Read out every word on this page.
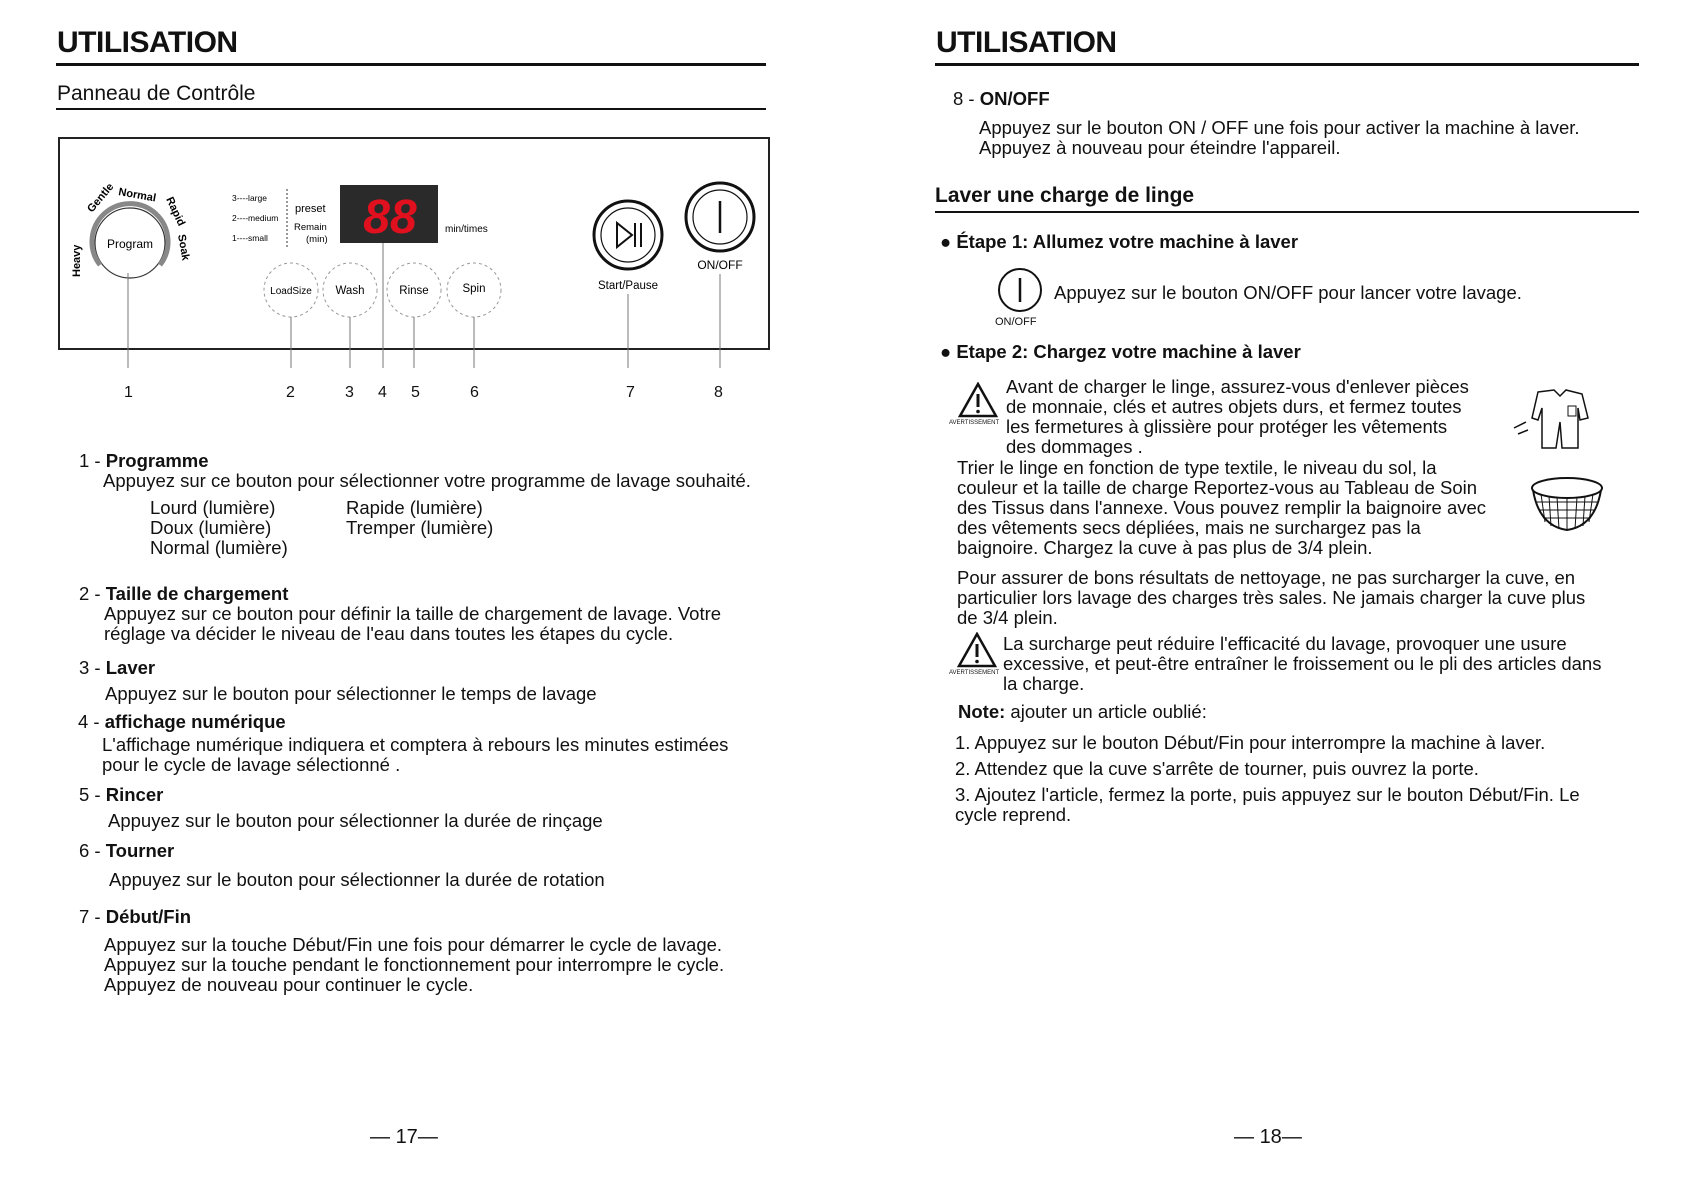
UTILISATION
Panneau de Contrôle
Program
Gentle Normal Rapid
Soak
Heavy
3----large
2----medium
1----small
preset
Remain
(min) 88	min/times
LoadSize Wash	Rinse	Spin	Start/Pause
ON/OFF
1	2	3 4 5	6	7	8
1 - Programme
Appuyez sur ce bouton pour sélectionner votre programme de lavage souhaité.
Lourd (lumière)
Doux (lumière)
Normal (lumière)
Rapide (lumière)
Tremper (lumière)
2 - Taille de chargement
Appuyez sur ce bouton pour définir la taille de chargement de lavage. Votre
réglage va décider le niveau de l'eau dans toutes les étapes du cycle.
3 - Laver
Appuyez sur le bouton pour sélectionner le temps de lavage
4 - affichage numérique
L'affichage numérique indiquera et comptera à rebours les minutes estimées
pour le cycle de lavage sélectionné .
5 - Rincer
Appuyez sur le bouton pour sélectionner la durée de rinçage
6 - Tourner
Appuyez sur le bouton pour sélectionner la durée de rotation
7 - Début/Fin
Appuyez sur la touche Début/Fin une fois pour démarrer le cycle de lavage.
Appuyez sur la touche pendant le fonctionnement pour interrompre le cycle.
Appuyez de nouveau pour continuer le cycle.
— 17—
UTILISATION
8 - ON/OFF
Appuyez sur le bouton ON / OFF une fois pour activer la machine à laver.
Appuyez à nouveau pour éteindre l'appareil.
Laver une charge de linge
● Étape 1: Allumez votre machine à laver
ON/OFF
Appuyez sur le bouton ON/OFF pour lancer votre lavage.
● Etape 2: Chargez votre machine à laver
AVERTISSEMENT
Avant de charger le linge, assurez-vous d'enlever pièces
de monnaie, clés et autres objets durs, et fermez toutes
les fermetures à glissière pour protéger les vêtements
des dommages .
Trier le linge en fonction de type textile, le niveau du sol, la
couleur et la taille de charge Reportez-vous au Tableau de Soin
des Tissus dans l'annexe. Vous pouvez remplir la baignoire avec
des vêtements secs dépliées, mais ne surchargez pas la
baignoire. Chargez la cuve à pas plus de 3/4 plein.
Pour assurer de bons résultats de nettoyage, ne pas surcharger la cuve, en
particulier lors lavage des charges très sales. Ne jamais charger la cuve plus
de 3/4 plein.
AVERTISSEMENT
La surcharge peut réduire l'efficacité du lavage, provoquer une usure
excessive, et peut-être entraîner le froissement ou le pli des articles dans
la charge.
Note: ajouter un article oublié:
1. Appuyez sur le bouton Début/Fin pour interrompre la machine à laver.
2. Attendez que la cuve s'arrête de tourner, puis ouvrez la porte.
3. Ajoutez l'article, fermez la porte, puis appuyez sur le bouton Début/Fin. Le
cycle reprend.
— 18—
